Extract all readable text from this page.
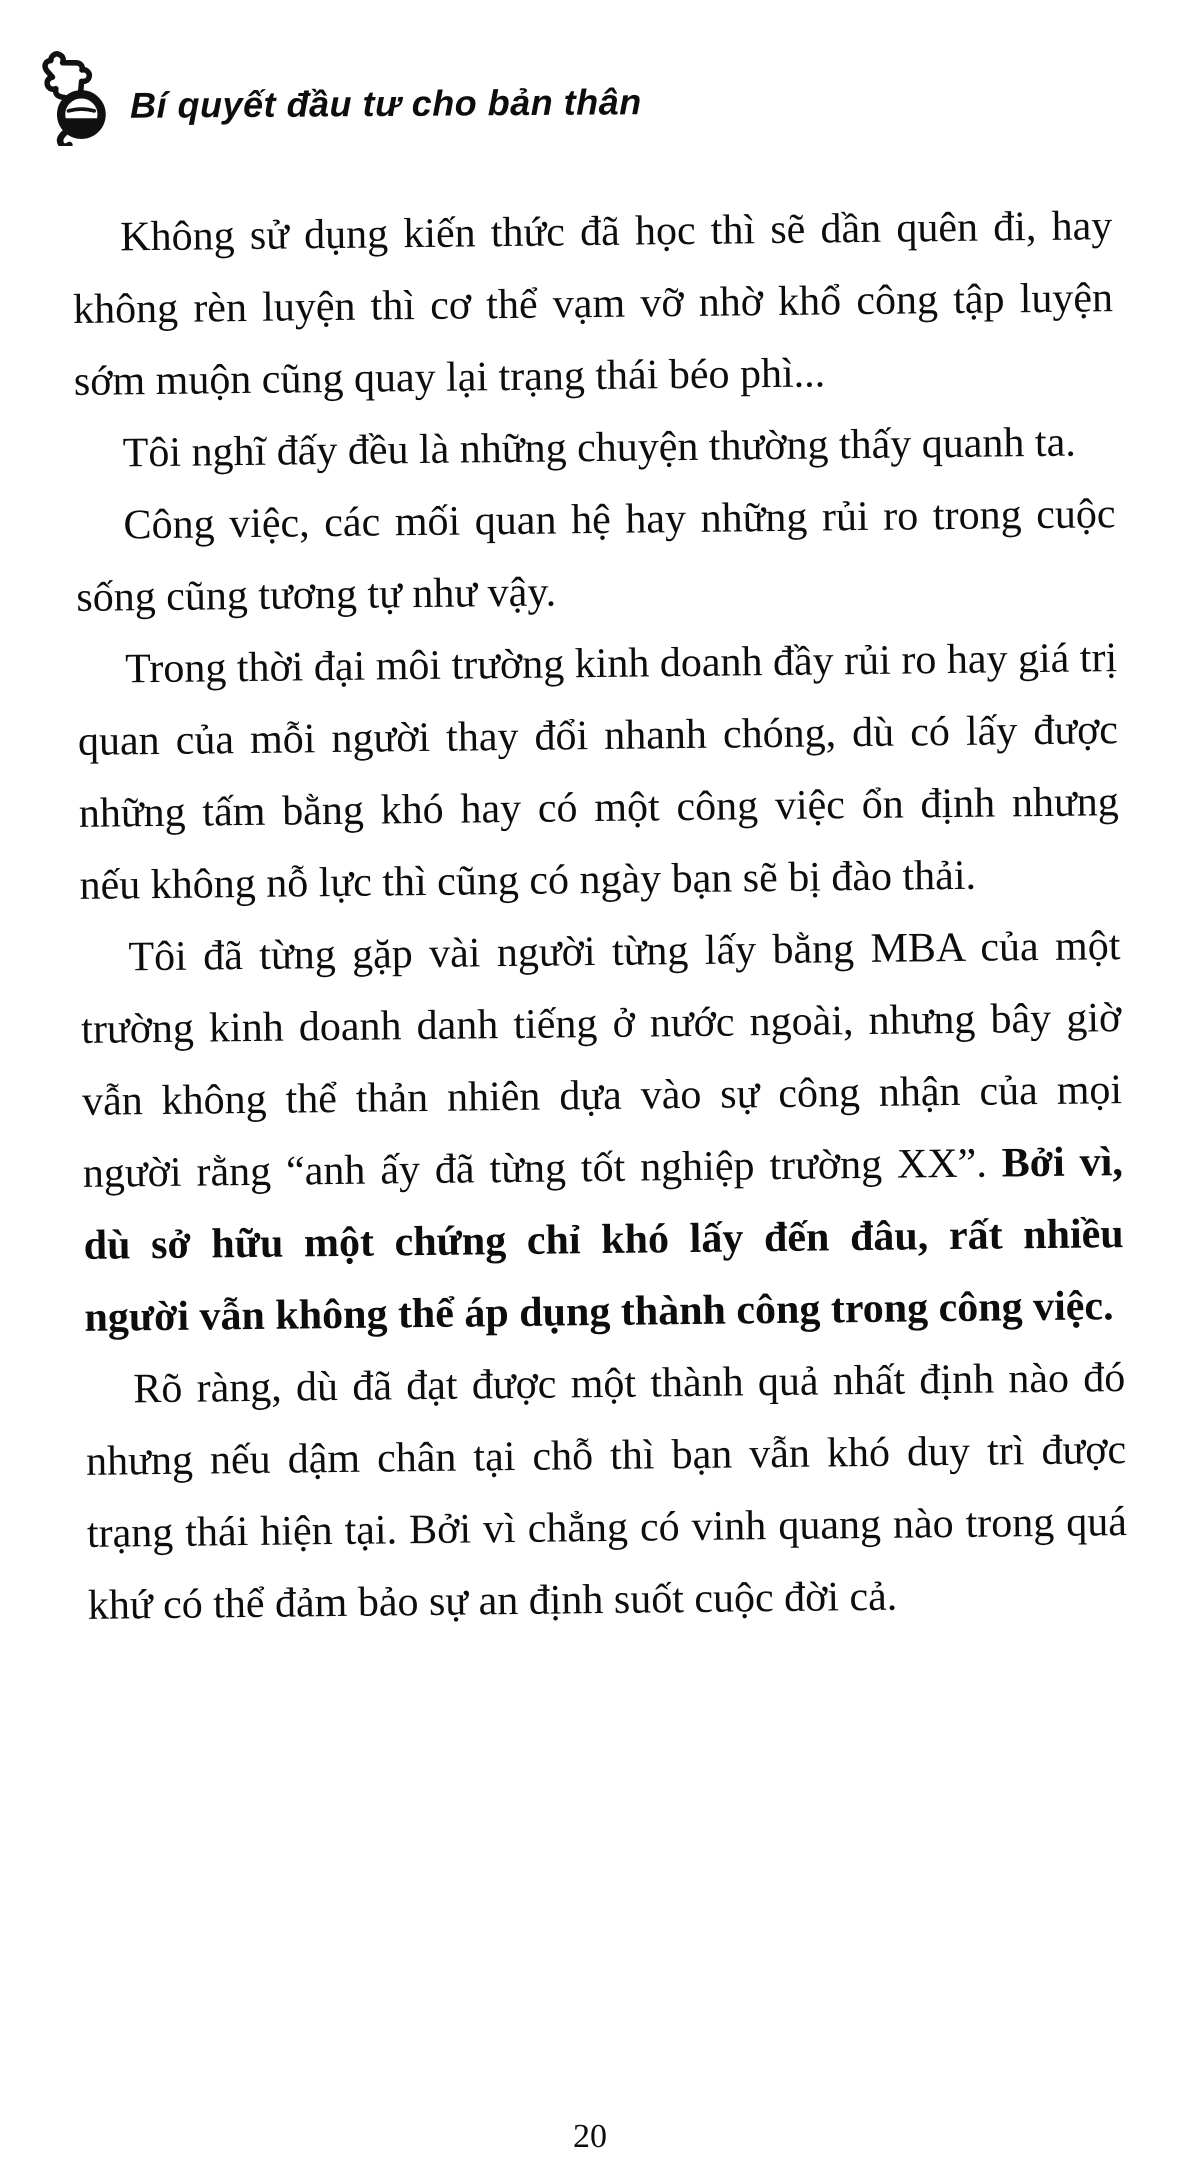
Bí quyết đầu tư cho bản thân

Không sử dụng kiến thức đã học thì sẽ dần quên đi, hay không rèn luyện thì cơ thể vạm vỡ nhờ khổ công tập luyện sớm muộn cũng quay lại trạng thái béo phì...

Tôi nghĩ đấy đều là những chuyện thường thấy quanh ta.

Công việc, các mối quan hệ hay những rủi ro trong cuộc sống cũng tương tự như vậy.

Trong thời đại môi trường kinh doanh đầy rủi ro hay giá trị quan của mỗi người thay đổi nhanh chóng, dù có lấy được những tấm bằng khó hay có một công việc ổn định nhưng nếu không nỗ lực thì cũng có ngày bạn sẽ bị đào thải.

Tôi đã từng gặp vài người từng lấy bằng MBA của một trường kinh doanh danh tiếng ở nước ngoài, nhưng bây giờ vẫn không thể thản nhiên dựa vào sự công nhận của mọi người rằng “anh ấy đã từng tốt nghiệp trường XX”. Bởi vì, dù sở hữu một chứng chỉ khó lấy đến đâu, rất nhiều người vẫn không thể áp dụng thành công trong công việc.

Rõ ràng, dù đã đạt được một thành quả nhất định nào đó nhưng nếu dậm chân tại chỗ thì bạn vẫn khó duy trì được trạng thái hiện tại. Bởi vì chẳng có vinh quang nào trong quá khứ có thể đảm bảo sự an định suốt cuộc đời cả.

20
